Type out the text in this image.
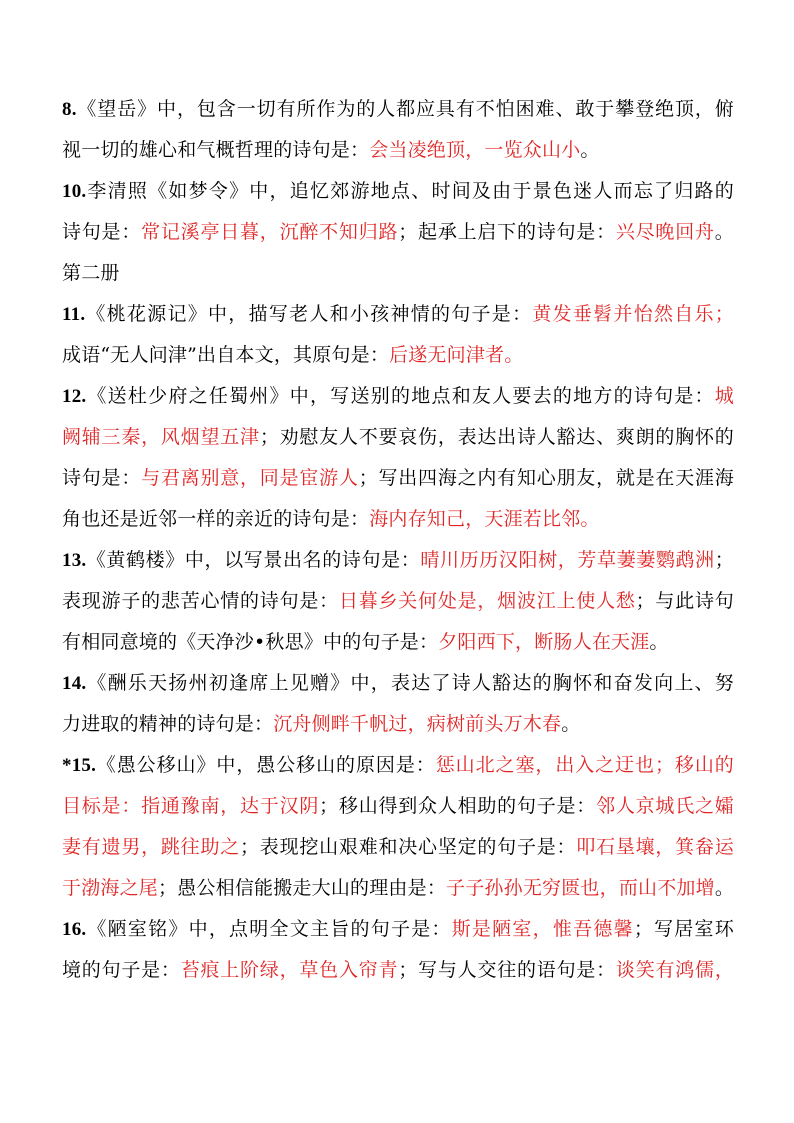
8.《望岳》中，包含一切有所作为的人都应具有不怕困难、敢于攀登绝顶，俯
视一切的雄心和气概哲理的诗句是：会当凌绝顶，一览众山小。
10.李清照《如梦令》中，追忆郊游地点、时间及由于景色迷人而忘了归路的
诗句是：常记溪亭日暮，沉醉不知归路；起承上启下的诗句是：兴尽晚回舟。
第二册
11.《桃花源记》中，描写老人和小孩神情的句子是：黄发垂髫并怡然自乐；
成语“无人问津”出自本文，其原句是：后遂无问津者。
12.《送杜少府之任蜀州》中，写送别的地点和友人要去的地方的诗句是：城
阙辅三秦，风烟望五津；劝慰友人不要哀伤，表达出诗人豁达、爽朗的胸怀的
诗句是：与君离别意，同是宦游人；写出四海之内有知心朋友，就是在天涯海
角也还是近邻一样的亲近的诗句是：海内存知己，天涯若比邻。
13.《黄鹤楼》中，以写景出名的诗句是：晴川历历汉阳树，芳草萋萋鹦鹉洲；
表现游子的悲苦心情的诗句是：日暮乡关何处是，烟波江上使人愁；与此诗句
有相同意境的《天净沙•秋思》中的句子是：夕阳西下，断肠人在天涯。
14.《酬乐天扬州初逢席上见赠》中，表达了诗人豁达的胸怀和奋发向上、努
力进取的精神的诗句是：沉舟侧畔千帆过，病树前头万木春。
*15.《愚公移山》中，愚公移山的原因是：惩山北之塞，出入之迂也；移山的
目标是：指通豫南，达于汉阴；移山得到众人相助的句子是：邻人京城氏之孀
妻有遗男，跳往助之；表现挖山艰难和决心坚定的句子是：叩石垦壤，箕畚运
于渤海之尾；愚公相信能搬走大山的理由是：子子孙孙无穷匮也，而山不加增。
16.《陋室铭》中，点明全文主旨的句子是：斯是陋室，惟吾德馨；写居室环
境的句子是：苔痕上阶绿，草色入帘青；写与人交往的语句是：谈笑有鸿儒，
